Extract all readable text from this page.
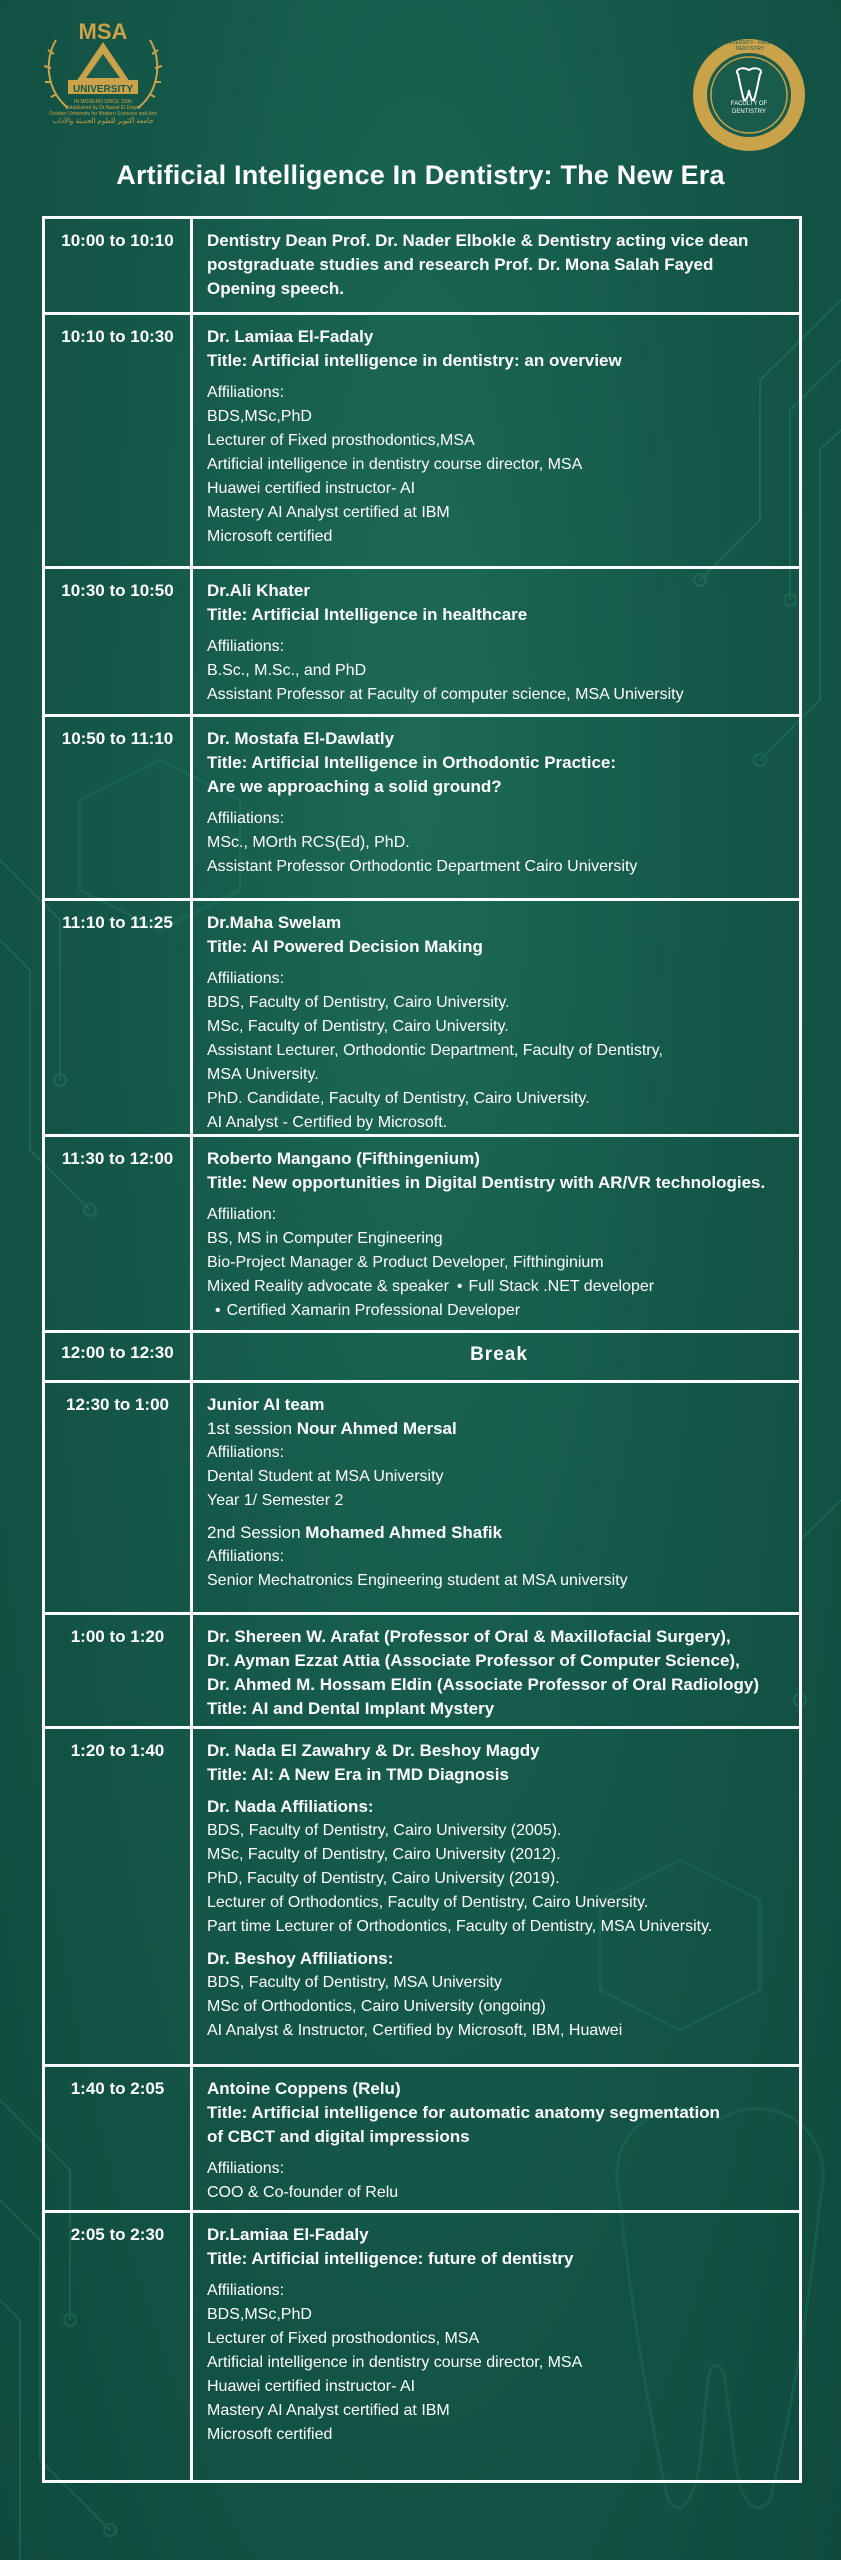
MSA
UNIVERSITY
IN MODERN SINCE 1996
Established by Dr.Nawal El Degwi
October University for Modern Sciences and Arts
جامعة أكتوبر للعلوم الحديثة والآداب
MSA UNIVERSITY · FACULTY OF DENTISTRY
FACULTY OF
DENTISTRY
Artificial Intelligence In Dentistry: The New Era
10:00 to 10:10	Dentistry Dean Prof. Dr. Nader Elbokle & Dentistry acting vice dean
postgraduate studies and research Prof. Dr. Mona Salah Fayed
Opening speech.
10:10 to 10:30	Dr. Lamiaa El-Fadaly
Title: Artificial intelligence in dentistry: an overview
Affiliations:
BDS,MSc,PhD
Lecturer of Fixed prosthodontics,MSA
Artificial intelligence in dentistry course director, MSA
Huawei certified instructor- AI
Mastery AI Analyst certified at IBM
Microsoft certified
10:30 to 10:50	Dr.Ali Khater
Title: Artificial Intelligence in healthcare
Affiliations:
B.Sc., M.Sc., and PhD
Assistant Professor at Faculty of computer science, MSA University
10:50 to 11:10	Dr. Mostafa El-Dawlatly
Title: Artificial Intelligence in Orthodontic Practice:
Are we approaching a solid ground?
Affiliations:
MSc., MOrth RCS(Ed), PhD.
Assistant Professor Orthodontic Department Cairo University
11:10 to 11:25	Dr.Maha Swelam
Title: AI Powered Decision Making
Affiliations:
BDS, Faculty of Dentistry, Cairo University.
MSc, Faculty of Dentistry, Cairo University.
Assistant Lecturer, Orthodontic Department, Faculty of Dentistry,
MSA University.
PhD. Candidate, Faculty of Dentistry, Cairo University.
AI Analyst - Certified by Microsoft.
11:30 to 12:00	Roberto Mangano (Fifthingenium)
Title: New opportunities in Digital Dentistry with AR/VR technologies.
Affiliation:
BS, MS in Computer Engineering
Bio-Project Manager & Product Developer, Fifthinginium
Mixed Reality advocate & speaker• Full Stack .NET developer
• Certified Xamarin Professional Developer
12:00 to 12:30	Break
12:30 to 1:00	Junior AI team
1st session Nour Ahmed Mersal
Affiliations:
Dental Student at MSA University
Year 1/ Semester 2
2nd Session Mohamed Ahmed Shafik
Affiliations:
Senior Mechatronics Engineering student at MSA university
1:00 to 1:20	Dr. Shereen W. Arafat (Professor of Oral & Maxillofacial Surgery),
Dr. Ayman Ezzat Attia (Associate Professor of Computer Science),
Dr. Ahmed M. Hossam Eldin (Associate Professor of Oral Radiology)
Title: AI and Dental Implant Mystery
1:20 to 1:40	Dr. Nada El Zawahry & Dr. Beshoy Magdy
Title: AI: A New Era in TMD Diagnosis
Dr. Nada Affiliations:
BDS, Faculty of Dentistry, Cairo University (2005).
MSc, Faculty of Dentistry, Cairo University (2012).
PhD, Faculty of Dentistry, Cairo University (2019).
Lecturer of Orthodontics, Faculty of Dentistry, Cairo University.
Part time Lecturer of Orthodontics, Faculty of Dentistry, MSA University.
Dr. Beshoy Affiliations:
BDS, Faculty of Dentistry, MSA University
MSc of Orthodontics, Cairo University (ongoing)
AI Analyst & Instructor, Certified by Microsoft, IBM, Huawei
1:40 to 2:05	Antoine Coppens (Relu)
Title: Artificial intelligence for automatic anatomy segmentation
of CBCT and digital impressions
Affiliations:
COO & Co-founder of Relu
2:05 to 2:30	Dr.Lamiaa El-Fadaly
Title: Artificial intelligence: future of dentistry
Affiliations:
BDS,MSc,PhD
Lecturer of Fixed prosthodontics, MSA
Artificial intelligence in dentistry course director, MSA
Huawei certified instructor- AI
Mastery AI Analyst certified at IBM
Microsoft certified
